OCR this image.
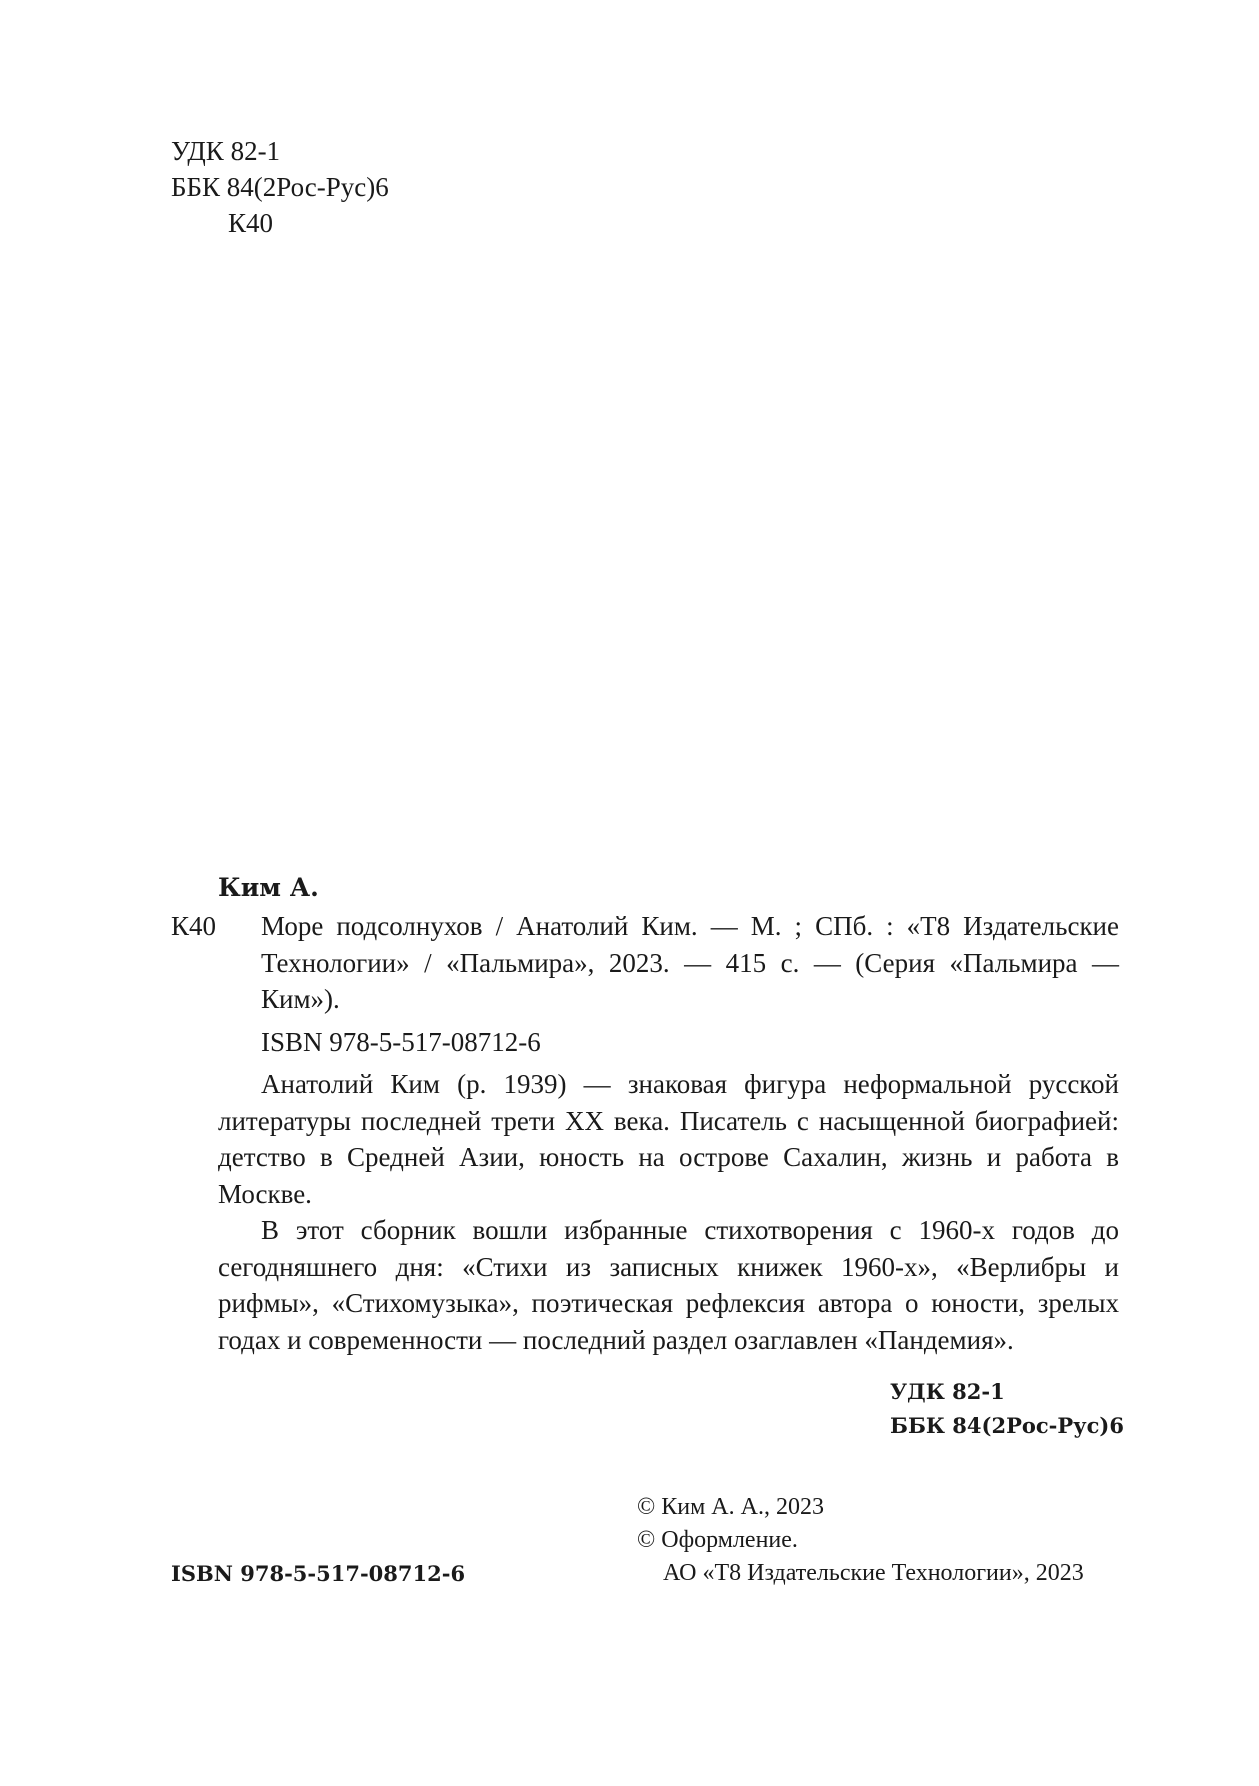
УДК 82-1
ББК 84(2Рос-Рус)6
К40
Ким А.
К40 Море подсолнухов / Анатолий Ким. — М. ; СПб. : «Т8 Издательские Технологии» / «Пальмира», 2023. — 415 с. — (Серия «Пальмира — Ким»).
ISBN 978-5-517-08712-6
Анатолий Ким (р. 1939) — знаковая фигура неформальной русской литературы последней трети XX века. Писатель с насыщенной биографией: детство в Средней Азии, юность на острове Сахалин, жизнь и работа в Москве.
В этот сборник вошли избранные стихотворения с 1960-х годов до сегодняшнего дня: «Стихи из записных книжек 1960-х», «Верлибры и рифмы», «Стихомузыка», поэтическая рефлексия автора о юности, зрелых годах и современности — последний раздел озаглавлен «Пандемия».
УДК 82-1
ББК 84(2Рос-Рус)6
© Ким А. А., 2023
© Оформление.
АО «Т8 Издательские Технологии», 2023
ISBN 978-5-517-08712-6
